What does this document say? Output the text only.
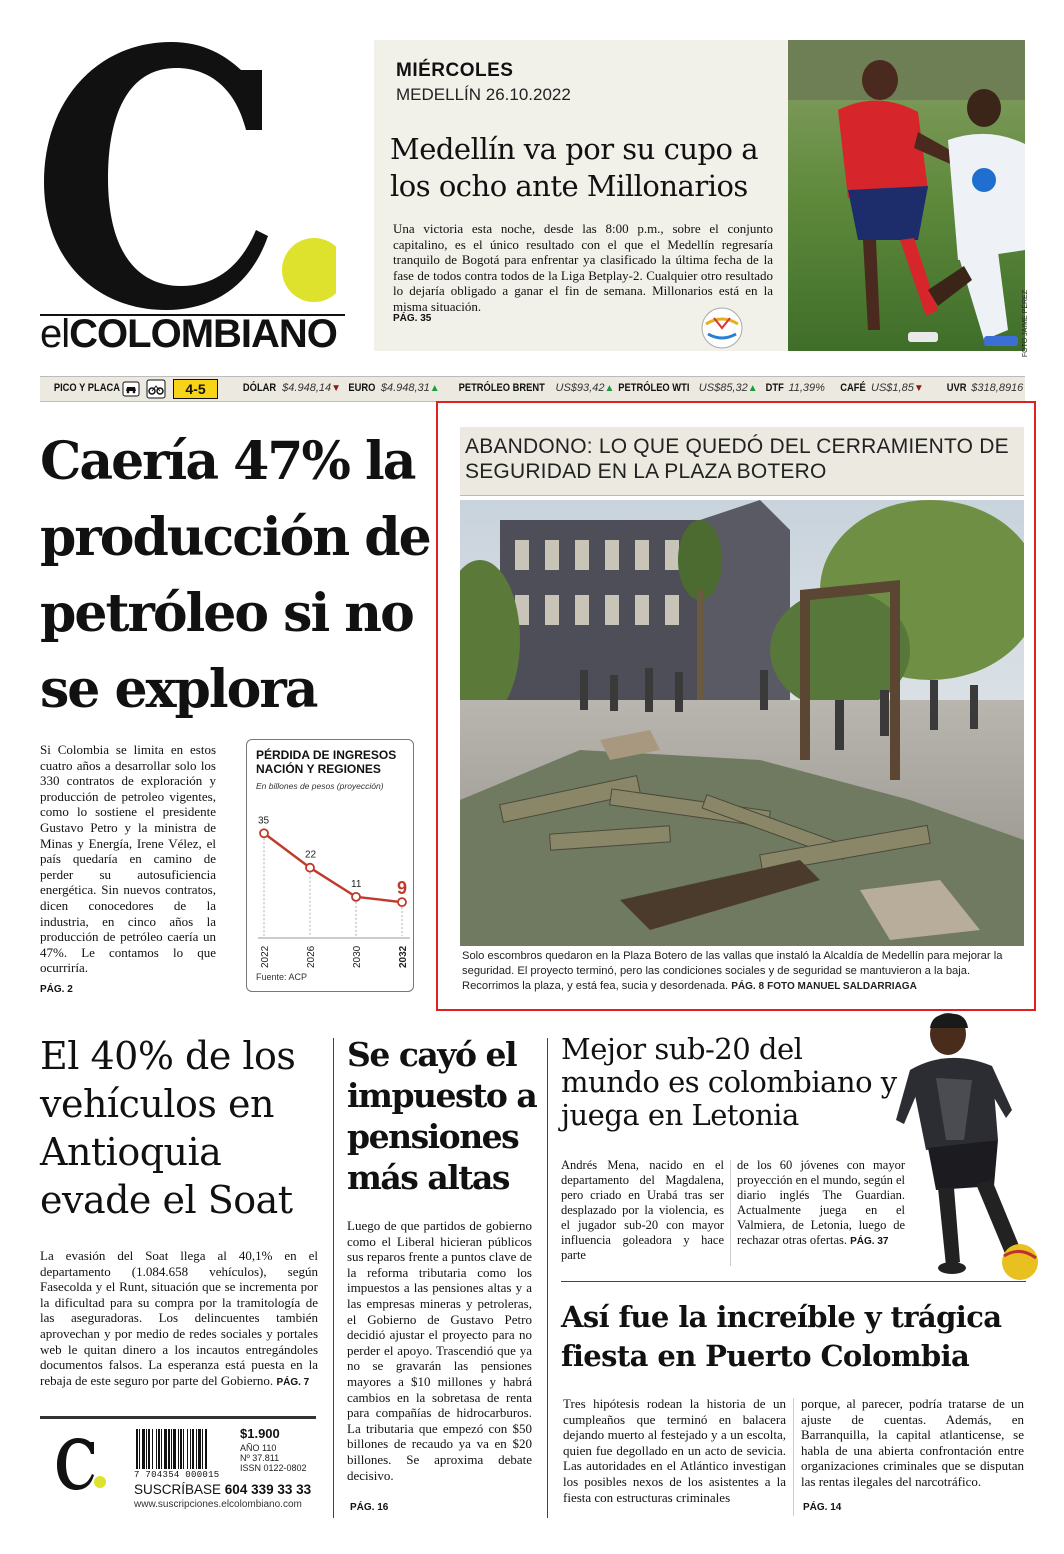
elCOLOMBIANO
MIÉRCOLES
MEDELLÍN 26.10.2022
Medellín va por su cupo a los ocho ante Millonarios
Una victoria esta noche, desde las 8:00 p.m., sobre el conjunto capitalino, es el único resultado con el que el Medellín regresaría tranquilo de Bogotá para enfrentar ya clasificado la última fecha de la fase de todos contra todos de la Liga Betplay-2. Cualquier otro resultado lo dejaría obligado a ganar el fin de semana. Millonarios está en la misma situación.
PÁG. 35	FOTO JAIME PÉREZ
PICO Y PLACA	DÓLAR $4.948,14▼ EURO $4.948,31▲	PETRÓLEO BRENT US$93,42▲ PETRÓLEO WTI US$85,32▲ DTF 11,39% CAFÉ US$1,85▼ UVR $318,8916
4-5
Caería 47% la producción de petróleo si no se explora
Si Colombia se limita en estos cuatro años a desarrollar solo los 330 contratos de exploración y producción de petroleo vigentes, como lo sostiene el presidente Gustavo Petro y la ministra de Minas y Energía, Irene Vélez, el país quedaría en camino de perder su autosuficiencia energética. Sin nuevos contratos, dicen conocedores de la industria, en cinco años la producción de petróleo caería un 47%. Le contamos lo que ocurriría.
PÁG. 2
PÉRDIDA DE INGRESOS NACIÓN Y REGIONES
En billones de pesos (proyección)
35
2022
22
2026
11
2030
9
2032
Fuente: ACP
ABANDONO: LO QUE QUEDÓ DEL CERRAMIENTO DE SEGURIDAD EN LA PLAZA BOTERO
Solo escombros quedaron en la Plaza Botero de las vallas que instaló la Alcaldía de Medellín para mejorar la seguridad. El proyecto terminó, pero las condiciones sociales y de seguridad se mantuvieron a la baja. Recorrimos la plaza, y está fea, sucia y desordenada. PÁG. 8 FOTO MANUEL SALDARRIAGA
El 40% de los vehículos en Antioquia evade el Soat
La evasión del Soat llega al 40,1% en el departamento (1.084.658 vehículos), según Fasecolda y el Runt, situación que se incrementa por la dificultad para su compra por la tramitología de las aseguradoras. Los delincuentes también aprovechan y por medio de redes sociales y portales web le quitan dinero a los incautos entregándoles documentos falsos. La esperanza está puesta en la rebaja de este seguro por parte del Gobierno. PÁG. 7
7 704354 000015
$1.900
AÑO 110
Nº 37.811
ISSN 0122-0802
SUSCRÍBASE 604 339 33 33
www.suscripciones.elcolombiano.com
Se cayó el impuesto a pensiones más altas
Luego de que partidos de gobierno como el Liberal hicieran públicos sus reparos frente a puntos clave de la reforma tributaria como los impuestos a las pensiones altas y a las empresas mineras y petroleras, el Gobierno de Gustavo Petro decidió ajustar el proyecto para no perder el apoyo. Trascendió que ya no se gravarán las pensiones mayores a $10 millones y habrá cambios en la sobretasa de renta para compañías de hidrocarburos. La tributaria que empezó con $50 billones de recaudo ya va en $20 billones. Se aproxima debate decisivo.
PÁG. 16
Mejor sub-20 del mundo es colombiano y juega en Letonia
Andrés Mena, nacido en el departamento del Magdalena, pero criado en Urabá tras ser desplazado por la violencia, es el jugador sub-20 con mayor influencia goleadora y hace parte
de los 60 jóvenes con mayor proyección en el mundo, según el diario inglés The Guardian. Actualmente juega en el Valmiera, de Letonia, luego de rechazar otras ofertas. PÁG. 37
Así fue la increíble y trágica fiesta en Puerto Colombia
Tres hipótesis rodean la historia de un cumpleaños que terminó en balacera dejando muerto al festejado y a un escolta, quien fue degollado en un acto de sevicia. Las autoridades en el Atlántico investigan los posibles nexos de los asistentes a la fiesta con estructuras criminales
porque, al parecer, podría tratarse de un ajuste de cuentas. Además, en Barranquilla, la capital atlanticense, se habla de una abierta confrontación entre organizaciones criminales que se disputan las rentas ilegales del narcotráfico.
PÁG. 14
